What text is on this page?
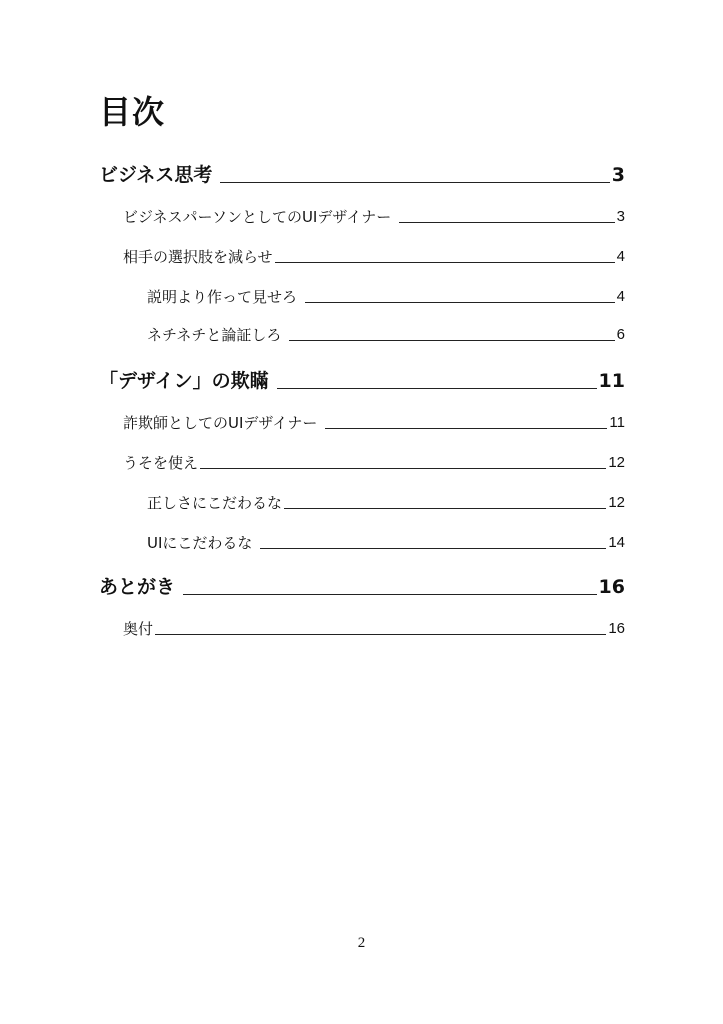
目次
ビジネス思考	3
ビジネスパーソンとしてのUIデザイナー	3
相手の選択肢を減らせ	4
説明より作って見せろ	4
ネチネチと論証しろ	6
「デザイン」の欺瞞	11
詐欺師としてのUIデザイナー	11
うそを使え	12
正しさにこだわるな	12
UIにこだわるな	14
あとがき	16
奥付	16
2
